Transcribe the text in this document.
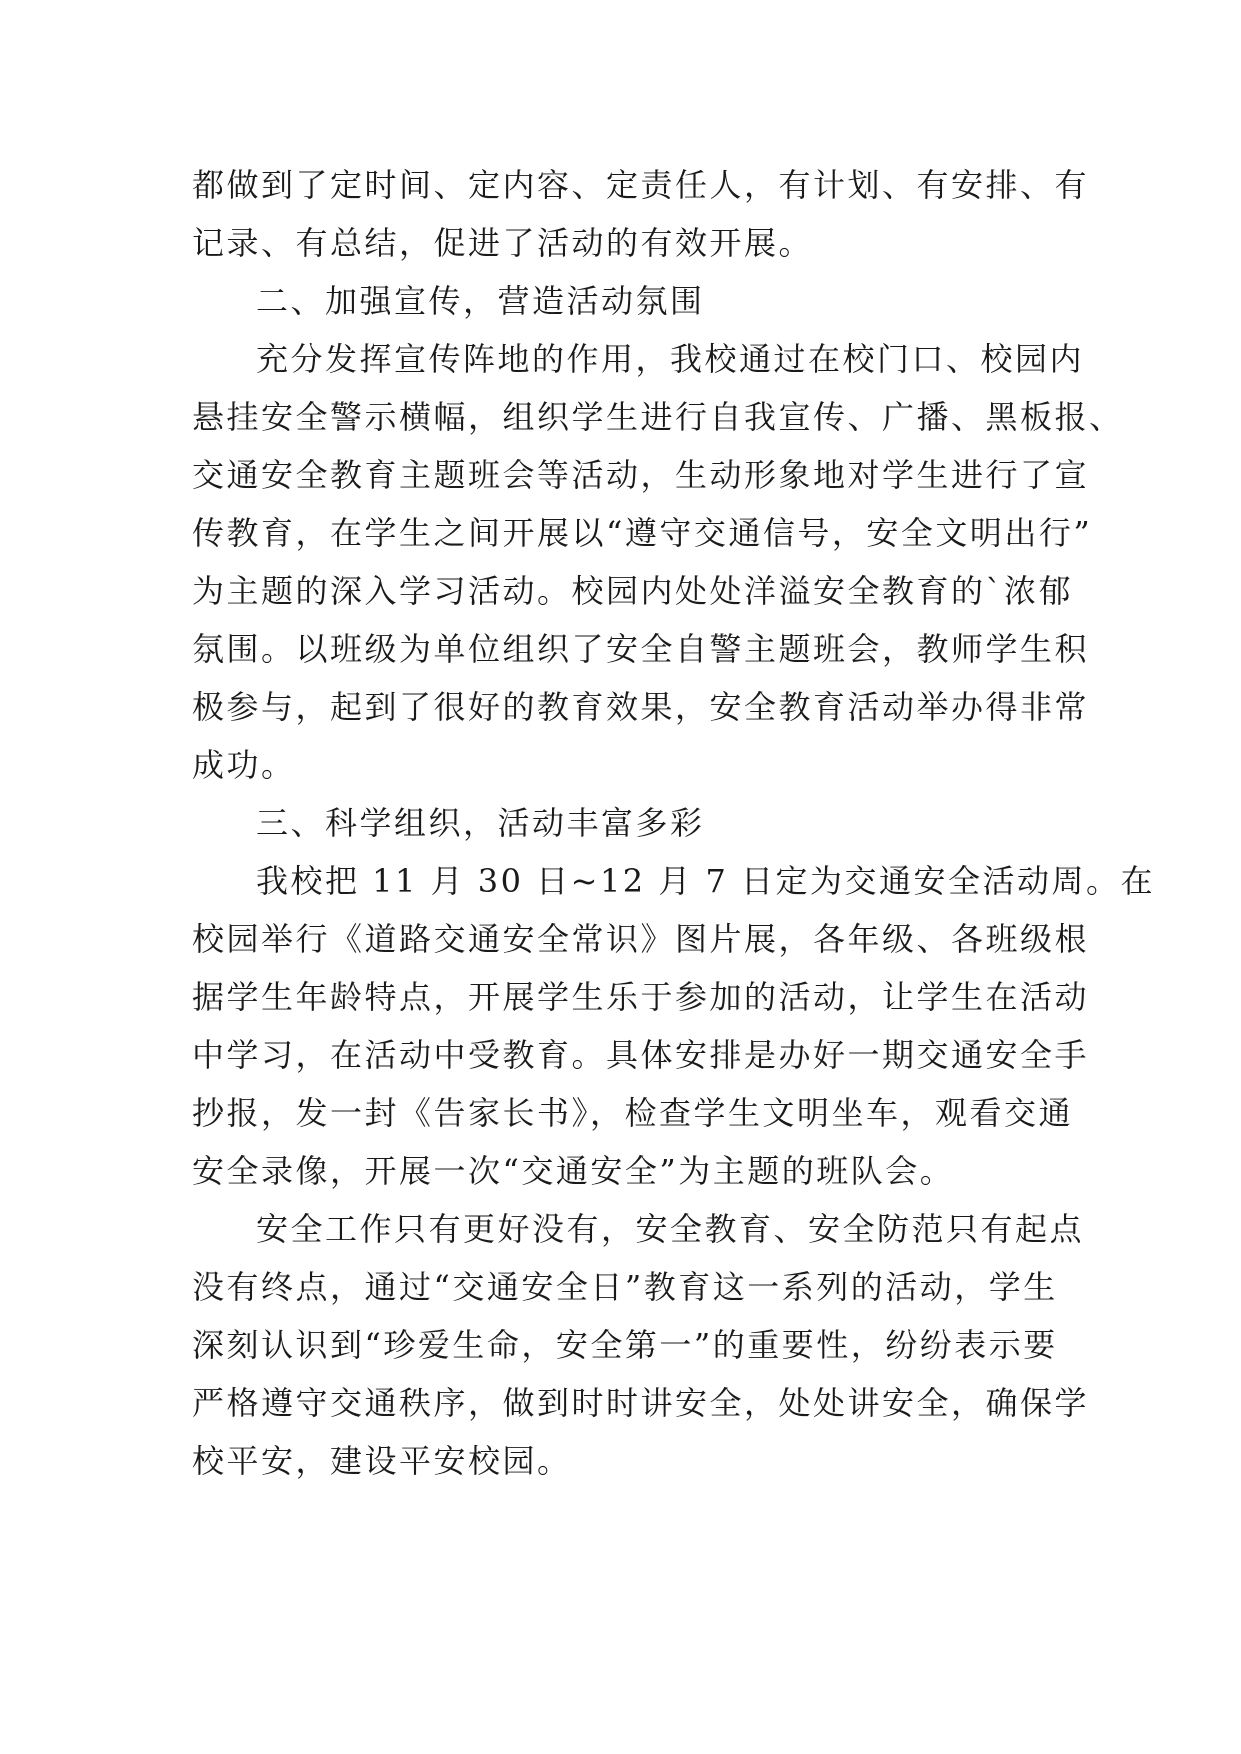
都做到了定时间、定内容、定责任人，有计划、有安排、有
记录、有总结，促进了活动的有效开展。
二、加强宣传，营造活动氛围
充分发挥宣传阵地的作用，我校通过在校门口、校园内
悬挂安全警示横幅，组织学生进行自我宣传、广播、黑板报、
交通安全教育主题班会等活动，生动形象地对学生进行了宣
传教育，在学生之间开展以“遵守交通信号，安全文明出行”
为主题的深入学习活动。校园内处处洋溢安全教育的`浓郁
氛围。以班级为单位组织了安全自警主题班会，教师学生积
极参与，起到了很好的教育效果，安全教育活动举办得非常
成功。
三、科学组织，活动丰富多彩
我校把 11 月 30 日~12 月 7 日定为交通安全活动周。在
校园举行《道路交通安全常识》图片展，各年级、各班级根
据学生年龄特点，开展学生乐于参加的活动，让学生在活动
中学习，在活动中受教育。具体安排是办好一期交通安全手
抄报，发一封《告家长书》，检查学生文明坐车，观看交通
安全录像，开展一次“交通安全”为主题的班队会。
安全工作只有更好没有，安全教育、安全防范只有起点
没有终点，通过“交通安全日”教育这一系列的活动，学生
深刻认识到“珍爱生命，安全第一”的重要性，纷纷表示要
严格遵守交通秩序，做到时时讲安全，处处讲安全，确保学
校平安，建设平安校园。
